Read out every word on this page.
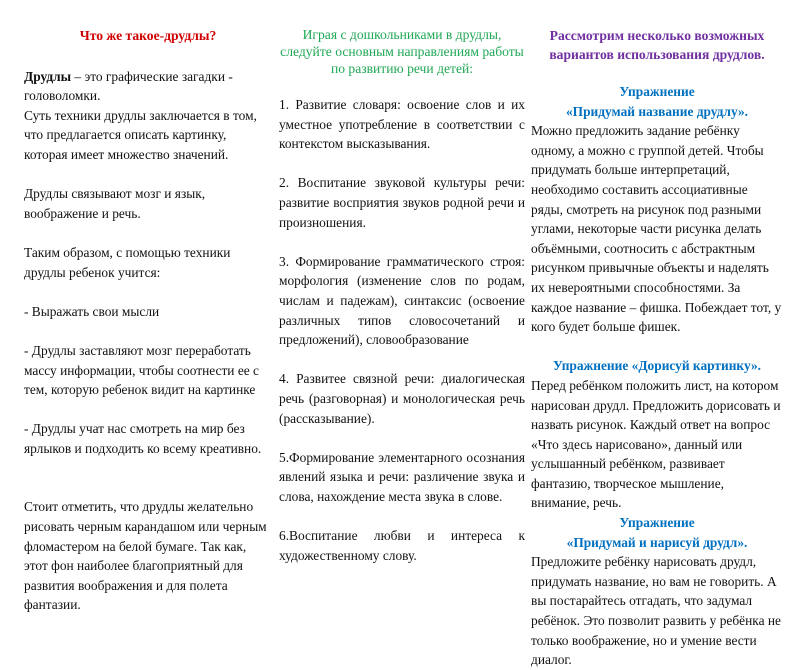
Что же такое-друдлы?

Друдлы – это графические загадки - головоломки.

Суть техники друдлы заключается в том, что предлагается описать картинку, которая имеет множество значений.

Друдлы связывают мозг и язык, воображение и речь.

Таким образом, с помощью техники друдлы ребенок учится:

- Выражать свои мысли

- Друдлы заставляют мозг переработать массу информации, чтобы соотнести ее с тем, которую ребенок видит на картинке

- Друдлы учат нас смотреть на мир без ярлыков и подходить ко всему креативно.

Стоит отметить, что друдлы желательно рисовать черным карандашом или черным фломастером на белой бумаге. Так как, этот фон наиболее благоприятный для развития воображения и для полета фантазии.

Играя с дошкольниками в друдлы, следуйте основным направлениям работы по развитию речи детей:

1. Развитие словаря: освоение слов и их уместное употребление в соответствии с контекстом высказывания.

2. Воспитание звуковой культуры речи: развитие восприятия звуков родной речи и произношения.

3. Формирование грамматического строя: морфология (изменение слов по родам, числам и падежам), синтаксис (освоение различных типов словосочетаний и предложений), словообразование

4. Развитее связной речи: диалогическая речь (разговорная) и монологическая речь (рассказывание).

5.Формирование элементарного осознания явлений языка и речи: различение звука и слова, нахождение места звука в слове.

6.Воспитание любви и интереса к художественному слову.

Рассмотрим несколько возможных вариантов использования друдлов.

Упражнение

«Придумай название друдлу».

Можно предложить задание ребёнку одному, а можно с группой детей. Чтобы придумать больше интерпретаций, необходимо составить ассоциативные ряды, смотреть на рисунок под разными углами, некоторые части рисунка делать объёмными, соотносить с абстрактным рисунком привычные объекты и наделять их невероятными способностями. За каждое название – фишка. Побеждает тот, у кого будет больше фишек.

Упражнение «Дорисуй картинку».

Перед ребёнком положить лист, на котором нарисован друдл. Предложить дорисовать и назвать рисунок. Каждый ответ на вопрос «Что здесь нарисовано», данный или услышанный ребёнком, развивает фантазию, творческое мышление, внимание, речь.

Упражнение

«Придумай и нарисуй друдл».

Предложите ребёнку нарисовать друдл, придумать название, но вам не говорить. А вы постарайтесь отгадать, что задумал ребёнок. Это позволит развить у ребёнка не только воображение, но и умение вести диалог.
